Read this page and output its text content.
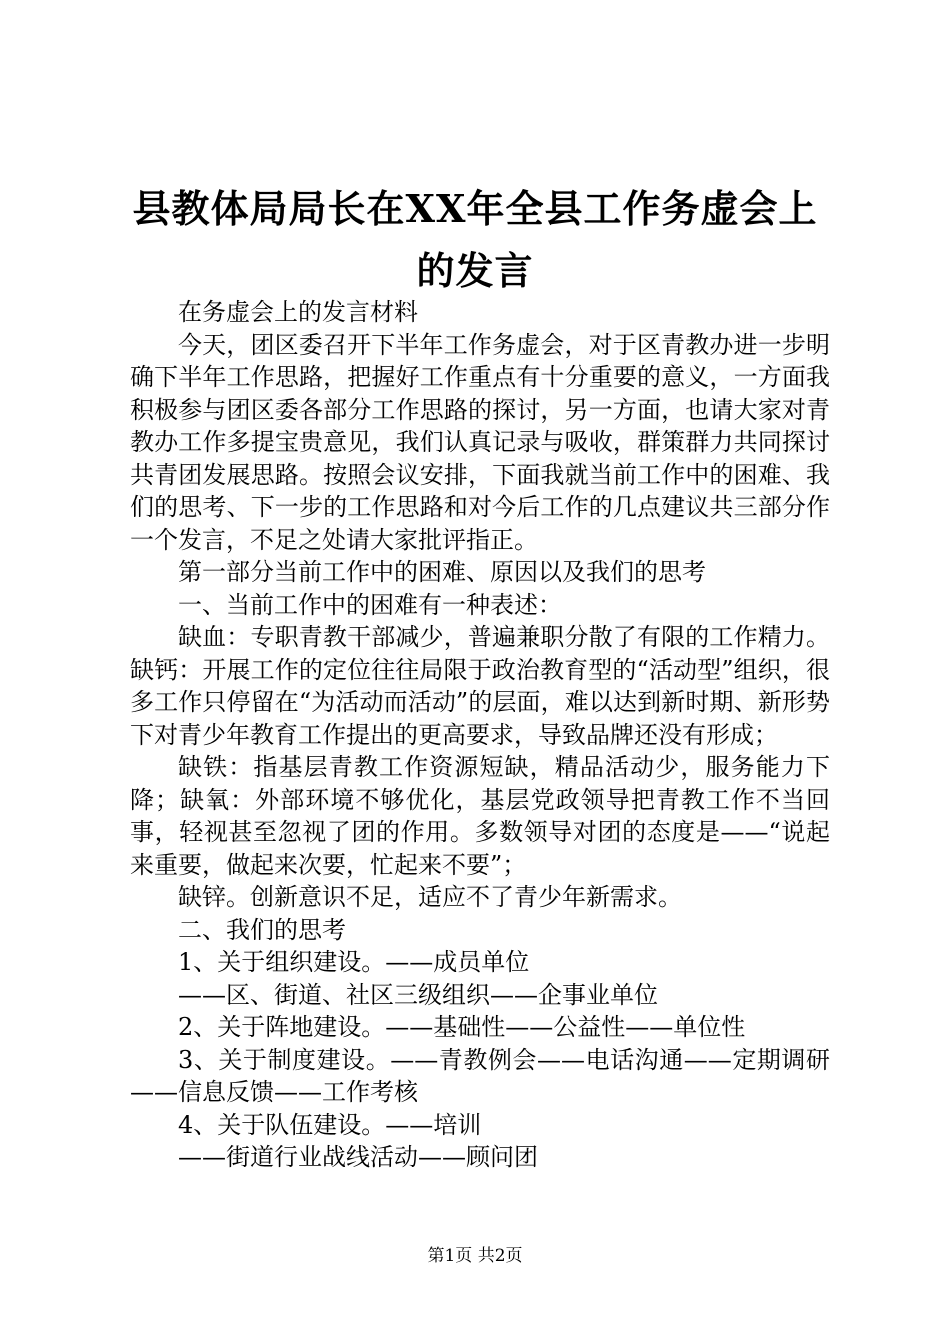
县教体局局长在XX年全县工作务虚会上的发言

在务虚会上的发言材料

今天，团区委召开下半年工作务虚会，对于区青教办进一步明确下半年工作思路，把握好工作重点有十分重要的意义，一方面我积极参与团区委各部分工作思路的探讨，另一方面，也请大家对青教办工作多提宝贵意见，我们认真记录与吸收，群策群力共同探讨共青团发展思路。按照会议安排，下面我就当前工作中的困难、我们的思考、下一步的工作思路和对今后工作的几点建议共三部分作一个发言，不足之处请大家批评指正。

第一部分当前工作中的困难、原因以及我们的思考

一、当前工作中的困难有一种表述：

缺血：专职青教干部减少，普遍兼职分散了有限的工作精力。缺钙：开展工作的定位往往局限于政治教育型的“活动型”组织，很多工作只停留在“为活动而活动”的层面，难以达到新时期、新形势下对青少年教育工作提出的更高要求，导致品牌还没有形成；

缺铁：指基层青教工作资源短缺，精品活动少，服务能力下降；缺氧：外部环境不够优化，基层党政领导把青教工作不当回事，轻视甚至忽视了团的作用。多数领导对团的态度是——“说起来重要，做起来次要，忙起来不要”；

缺锌。创新意识不足，适应不了青少年新需求。

二、我们的思考

1、关于组织建设。——成员单位

——区、街道、社区三级组织——企事业单位

2、关于阵地建设。——基础性——公益性——单位性

3、关于制度建设。——青教例会——电话沟通——定期调研——信息反馈——工作考核

4、关于队伍建设。——培训

——街道行业战线活动——顾问团

第1页 共2页
